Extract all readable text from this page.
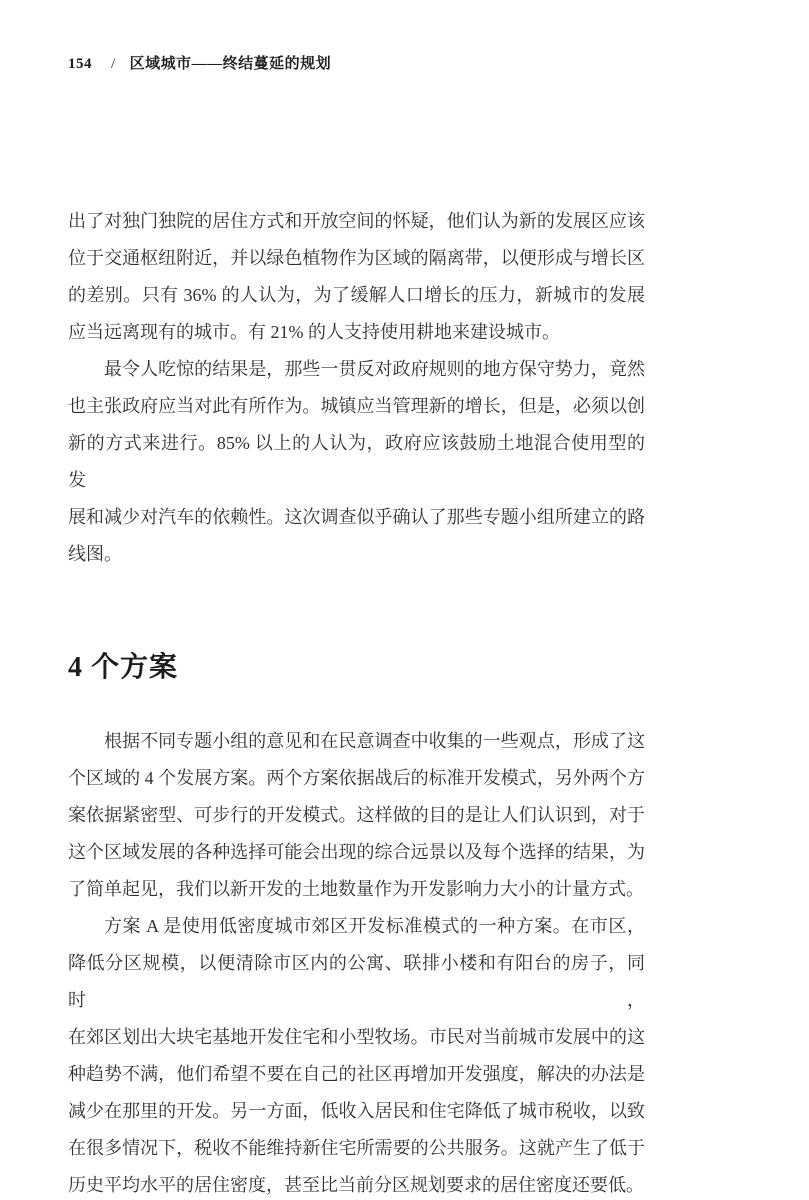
154 / 区域城市——终结蔓延的规划
出了对独门独院的居住方式和开放空间的怀疑，他们认为新的发展区应该
位于交通枢纽附近，并以绿色植物作为区域的隔离带，以便形成与增长区
的差别。只有 36% 的人认为，为了缓解人口增长的压力，新城市的发展
应当远离现有的城市。有 21% 的人支持使用耕地来建设城市。
最令人吃惊的结果是，那些一贯反对政府规则的地方保守势力，竟然
也主张政府应当对此有所作为。城镇应当管理新的增长，但是，必须以创
新的方式来进行。85% 以上的人认为，政府应该鼓励土地混合使用型的发
展和减少对汽车的依赖性。这次调查似乎确认了那些专题小组所建立的路
线图。
4 个方案
根据不同专题小组的意见和在民意调查中收集的一些观点，形成了这
个区域的 4 个发展方案。两个方案依据战后的标准开发模式，另外两个方
案依据紧密型、可步行的开发模式。这样做的目的是让人们认识到，对于
这个区域发展的各种选择可能会出现的综合远景以及每个选择的结果，为
了简单起见，我们以新开发的土地数量作为开发影响力大小的计量方式。
方案 A 是使用低密度城市郊区开发标准模式的一种方案。在市区，
降低分区规模，以便清除市区内的公寓、联排小楼和有阳台的房子，同时，
在郊区划出大块宅基地开发住宅和小型牧场。市民对当前城市发展中的这
种趋势不满，他们希望不要在自己的社区再增加开发强度，解决的办法是
减少在那里的开发。另一方面，低收入居民和住宅降低了城市税收，以致
在很多情况下，税收不能维持新住宅所需要的公共服务。这就产生了低于
历史平均水平的居住密度，甚至比当前分区规划要求的居住密度还要低。
